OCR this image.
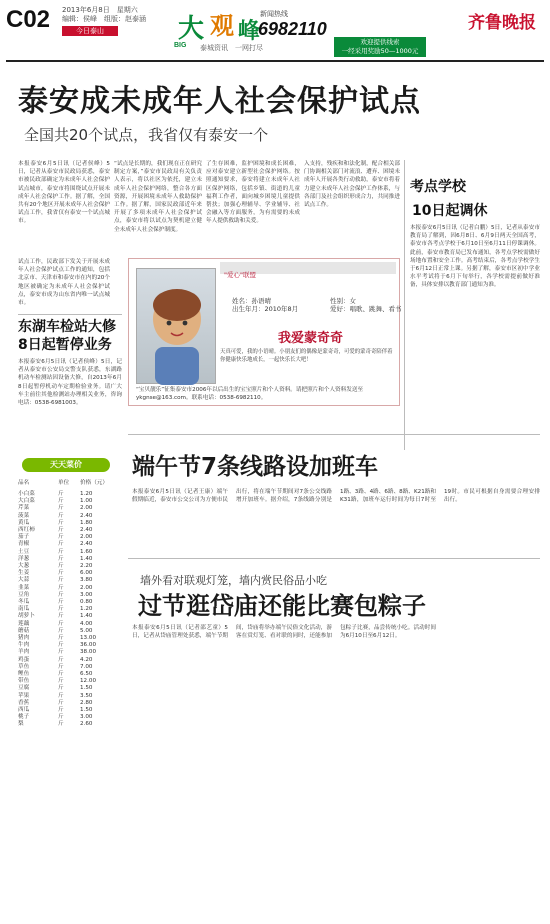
C02 2013年6月8日　星期六
编辑：侯峰　组版：赵泰涵
今日泰山	大 观 峰
BIG
新闻热线
6982110
泰城资讯　一网打尽
欢迎提供线索
一经采用奖励50—1000元
齐鲁晚报
泰安成未成年人社会保护试点
全国共20个试点，我省仅有泰安一个
本报泰安6月5日讯（记者侯峰）5日，记者从泰安市民政局获悉，泰安市被民政部确定为未成年人社会保护试点城市，泰安市将围绕试点开展未成年人社会保护工作。据了解，全国共有20个地区开展未成年人社会保护试点工作，我省仅有泰安一个试点城市。
试点工作，民政部下发关于开展未成年人社会保护试点工作的通知，包括北京市、天津市和泰安市在内的20个地区被确定为未成年人社会保护试点，泰安市成为山东省内唯一试点城市。
“试点是长期的，我们现在正在研究制定方案，”泰安市民政局有关负责人表示，将以社区为依托，建立未成年人社会保护网络，整合各方面资源，开展困境未成年人救助保护工作。据了解，国家民政部近年来开展了多项未成年人社会保护试点，泰安市将以试点为契机建立健全未成年人社会保护制度。
了生存困难，监护困境和成长困难，应对泰安建立新型社会保护网络。按照通知要求，泰安将建立未成年人社区保护网络，包括乡镇、街道的儿童福利工作者，面向城乡困境儿童提供帮扶；加强心理辅导、学业辅导、社会融入等方面服务，为有需要的未成年人提供救助和关爱。
入支持，残疾和和法化制，配合相关部门协调相关部门对流浪、遭弃、困境未成年人开展各类行动救助，泰安市将着力建立未成年人社会保护工作体系，与各部门及社会组织形成合力，共同推进试点工作。
考点学校
10日起调休
本报泰安6月5日讯（记者白鹏）5日，记者从泰安市教育局了解到，因6月8日、6月9日两天全国高考，泰安市各考点学校于6月10日至6月11日停课调休。此前，泰安市教育局已发布通知，各考点学校需做好场地布置和安全工作。高考结束后，各考点学校学生于6月12日正常上课。另据了解，泰安市区初中学业水平考试将于6月下旬举行，各学校需提前做好准备，具体安排以教育部门通知为准。
东湖车检站大修
8日起暂停业务
本报泰安6月5日讯（记者侯峰）5日，记者从泰安市公安局交警支队获悉，东湖路机动车检测站因设备大修，自2013年6月8日起暂停机动车定期检验业务。请广大车主前往其他检测站办理相关业务，咨询电话：0538-6981003。
天天菜价
品名	单位 价格（元）
小白菜	斤	1.20
大白菜	斤	1.00
芹菜	斤	2.00
菠菜	斤	2.40
黄瓜	斤	1.80
西红柿	斤	2.40
茄子	斤	2.00
青椒	斤	2.40
土豆	斤	1.60
洋葱	斤	1.40
大葱	斤	2.20
生姜	斤	6.00
大蒜	斤	3.80
韭菜	斤	2.00
豆角	斤	3.00
冬瓜	斤	0.80
南瓜	斤	1.20
胡萝卜	斤	1.40
莲藕	斤	4.00
蘑菇	斤	5.00
猪肉	斤	13.00
牛肉	斤	36.00
羊肉	斤	38.00
鸡蛋	斤	4.20
草鱼	斤	7.00
鲤鱼	斤	6.50
带鱼	斤	12.00
豆腐	斤	1.50
苹果	斤	3.50
香蕉	斤	2.80
西瓜	斤	1.50
桃子	斤	3.00
梨	斤	2.60
"爱心"联盟
姓名：孙语晴	性别：女
出生年月：2010年8月	爱好：唱歌、跳舞、看书
我爱蒙奇奇
天真可爱，我的小语晴。小朋友们的偶像是蒙奇奇，可爱的蒙奇奇陪伴着你健康快乐地成长，一起快乐长大吧！
“宝贝靓乐”征集泰安市2006年以后出生的宝宝照片和个人资料。请把照片和个人资料发送至 ykgnse@163.com。联系电话：0538-6982110。
端午节7条线路设加班车
本报泰安6月5日讯（记者王康）端午假期临近，泰安市公交公司为方便市民出行，将在端午节期间对7条公交线路增开加班车。据介绍，7条线路分别是1路、3路、4路、6路、8路、K21路和K31路，加班车运行时间为每日7时至19时。市民可根据自身需要合理安排出行。
墙外看对联观灯笼，墙内赏民俗品小吃
过节逛岱庙还能比赛包粽子
本报泰安6月5日讯（记者邵艺童）5日，记者从岱庙管理处获悉，端午节期间，岱庙将举办端午民俗文化活动，游客在赏灯笼、看对联的同时，还能参加包粽子比赛，品尝传统小吃。活动时间为6月10日至6月12日。
